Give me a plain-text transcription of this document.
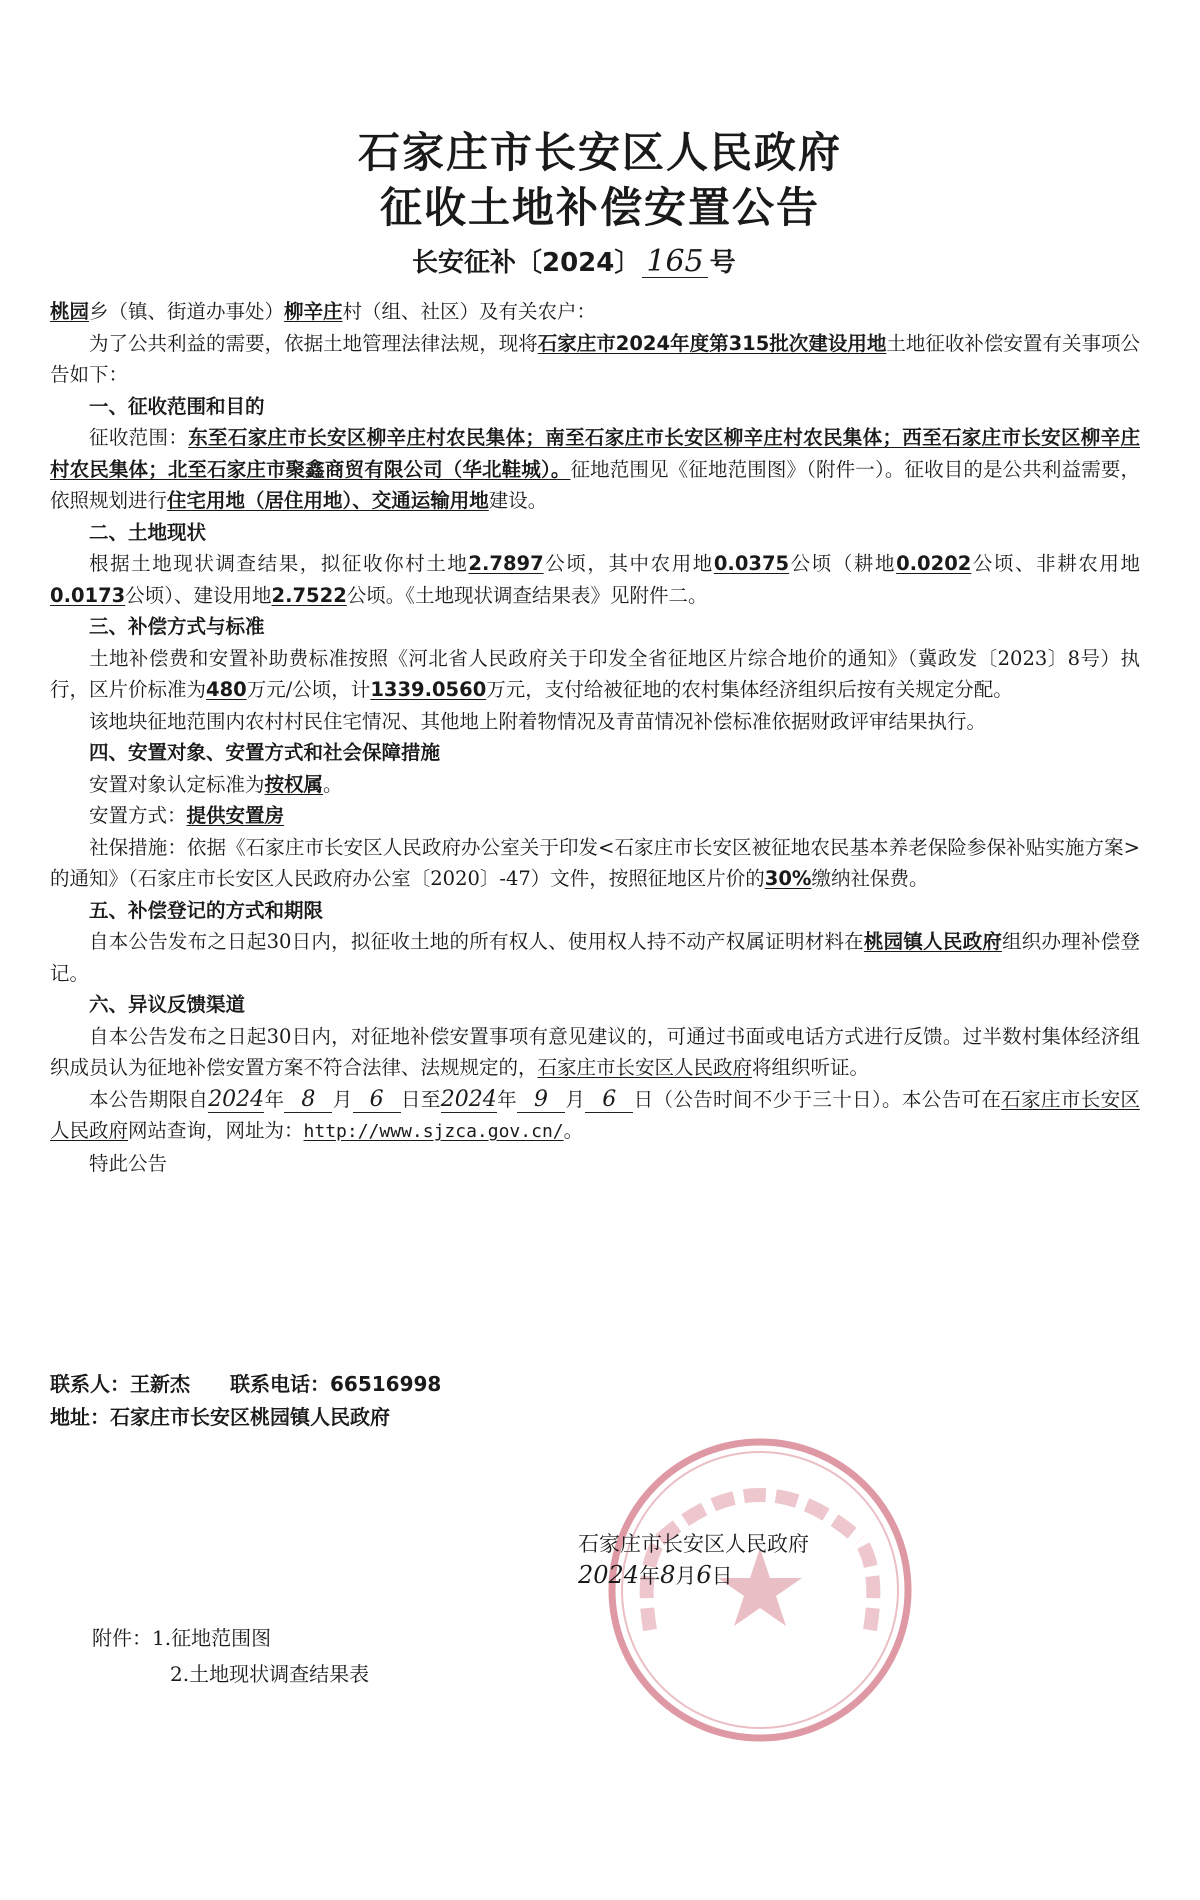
石家庄市长安区人民政府
征收土地补偿安置公告
长安征补〔2024〕 165 号

桃园乡（镇、街道办事处）柳辛庄村（组、社区）及有关农户：

为了公共利益的需要，依据土地管理法律法规，现将石家庄市2024年度第315批次建设用地土地征收补偿安置有关事项公告如下：

一、征收范围和目的

征收范围：东至石家庄市长安区柳辛庄村农民集体；南至石家庄市长安区柳辛庄村农民集体；西至石家庄市长安区柳辛庄村农民集体；北至石家庄市聚鑫商贸有限公司（华北鞋城）。征地范围见《征地范围图》（附件一）。征收目的是公共利益需要，依照规划进行住宅用地（居住用地）、交通运输用地建设。

二、土地现状

根据土地现状调查结果，拟征收你村土地2.7897公顷，其中农用地0.0375公顷（耕地0.0202公顷、非耕农用地0.0173公顷）、建设用地2.7522公顷。《土地现状调查结果表》见附件二。

三、补偿方式与标准

土地补偿费和安置补助费标准按照《河北省人民政府关于印发全省征地区片综合地价的通知》（冀政发〔2023〕8号）执行，区片价标准为480万元/公顷，计1339.0560万元，支付给被征地的农村集体经济组织后按有关规定分配。

该地块征地范围内农村村民住宅情况、其他地上附着物情况及青苗情况补偿标准依据财政评审结果执行。

四、安置对象、安置方式和社会保障措施

安置对象认定标准为按权属。

安置方式：提供安置房

社保措施：依据《石家庄市长安区人民政府办公室关于印发<石家庄市长安区被征地农民基本养老保险参保补贴实施方案>的通知》（石家庄市长安区人民政府办公室〔2020〕-47）文件，按照征地区片价的30%缴纳社保费。

五、补偿登记的方式和期限

自本公告发布之日起30日内，拟征收土地的所有权人、使用权人持不动产权属证明材料在桃园镇人民政府组织办理补偿登记。

六、异议反馈渠道

自本公告发布之日起30日内，对征地补偿安置事项有意见建议的，可通过书面或电话方式进行反馈。过半数村集体经济组织成员认为征地补偿安置方案不符合法律、法规规定的，石家庄市长安区人民政府将组织听证。

本公告期限自2024年 8 月 6 日至2024年 9 月 6 日（公告时间不少于三十日）。本公告可在石家庄市长安区人民政府网站查询，网址为：http://www.sjzca.gov.cn/。

特此公告

联系人：王新杰 联系电话：66516998
地址：石家庄市长安区桃园镇人民政府
石家庄市长安区人民政府
2024年8月6日
附件：1.征地范围图
2.土地现状调查结果表
